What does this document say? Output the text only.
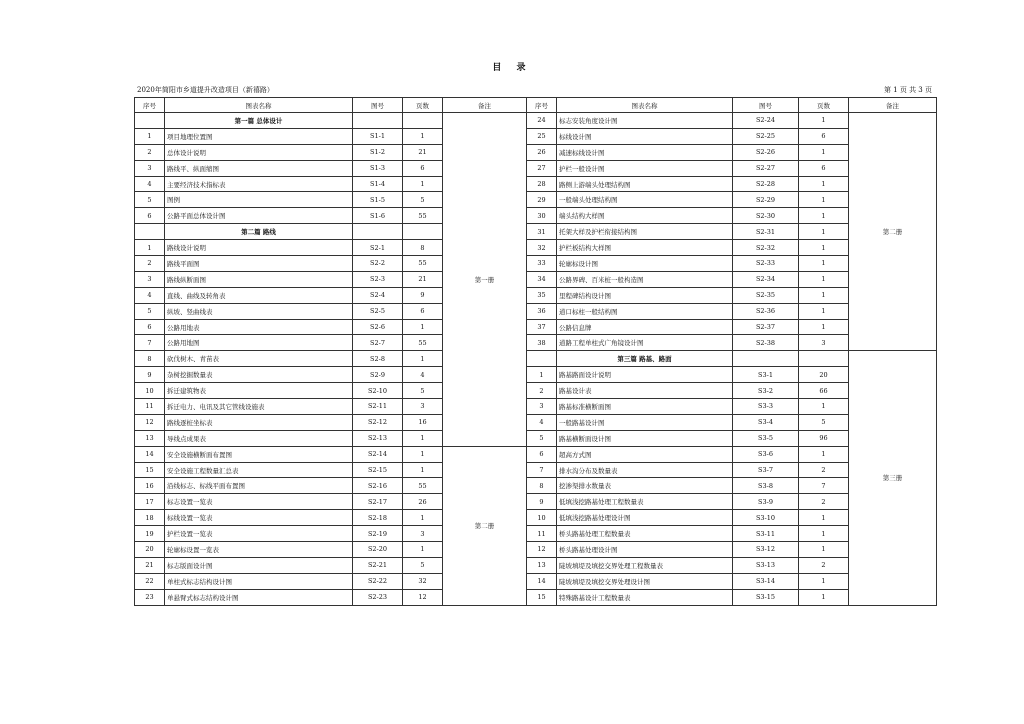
目 录
2020年简阳市乡道提升改造项目（新禧路）	第 1 页 共 3 页
序号	图表名称	图号	页数	备注
	第一篇 总体设计			第一册
1	项目地理位置图	S1-1	1	
2	总体设计说明	S1-2	21	
3	路线平、纵面缩图	S1-3	6	
4	主要经济技术指标表	S1-4	1	
5	图例	S1-5	5	
6	公路平面总体设计图	S1-6	55	
	第二篇 路线			
1	路线设计说明	S2-1	8	
2	路线平面图	S2-2	55	
3	路线纵断面图	S2-3	21	
4	直线、曲线及转角表	S2-4	9	
5	纵坡、竖曲线表	S2-5	6	
6	公路用地表	S2-6	1	
7	公路用地图	S2-7	55	
8	砍伐树木、青苗表	S2-8	1	
9	杂树挖掘数量表	S2-9	4	
10	拆迁建筑物表	S2-10	5	
11	拆迁电力、电讯及其它管线设施表	S2-11	3	
12	路线逐桩坐标表	S2-12	16	
13	导线点成果表	S2-13	1	
14	安全设施横断面布置图	S2-14	1	第二册
15	安全设施工程数量汇总表	S2-15	1	
16	沿线标志、标线平面布置图	S2-16	55	
17	标志设置一览表	S2-17	26	
18	标线设置一览表	S2-18	1	
19	护栏设置一览表	S2-19	3	
20	轮廓标设置一览表	S2-20	1	
21	标志版面设计图	S2-21	5	
22	单柱式标志结构设计图	S2-22	32	
23	单悬臂式标志结构设计图	S2-23	12	
序号	图表名称	图号	页数	备注
24	标志安装角度设计图	S2-24	1	第二册
25	标线设计图	S2-25	6	
26	减速标线设计图	S2-26	1	
27	护栏一般设计图	S2-27	6	
28	路侧上游端头处理结构图	S2-28	1	
29	一般端头处理结构图	S2-29	1	
30	端头结构大样图	S2-30	1	
31	托架大样及护栏衔接结构图	S2-31	1	
32	护栏板结构大样图	S2-32	1	
33	轮廓标设计图	S2-33	1	
34	公路界碑、百米桩一般构造图	S2-34	1	
35	里程碑结构设计图	S2-35	1	
36	道口标柱一般结构图	S2-36	1	
37	公路信息牌	S2-37	1	
38	道路工程单柱式广角镜设计图	S2-38	3	
	第三篇 路基、路面			第三册
1	路基路面设计说明	S3-1	20	
2	路基设计表	S3-2	66	
3	路基标准横断面图	S3-3	1	
4	一般路基设计图	S3-4	5	
5	路基横断面设计图	S3-5	96	
6	超高方式图	S3-6	1	
7	排水沟分布及数量表	S3-7	2	
8	挖渗渠排水数量表	S3-8	7	
9	低填浅挖路基处理工程数量表	S3-9	2	
10	低填浅挖路基处理设计图	S3-10	1	
11	桥头路基处理工程数量表	S3-11	1	
12	桥头路基处理设计图	S3-12	1	
13	陡坡填堤及填挖交界处理工程数量表	S3-13	2	
14	陡坡填堤及填挖交界处理设计图	S3-14	1	
15	特殊路基设计工程数量表	S3-15	1	
